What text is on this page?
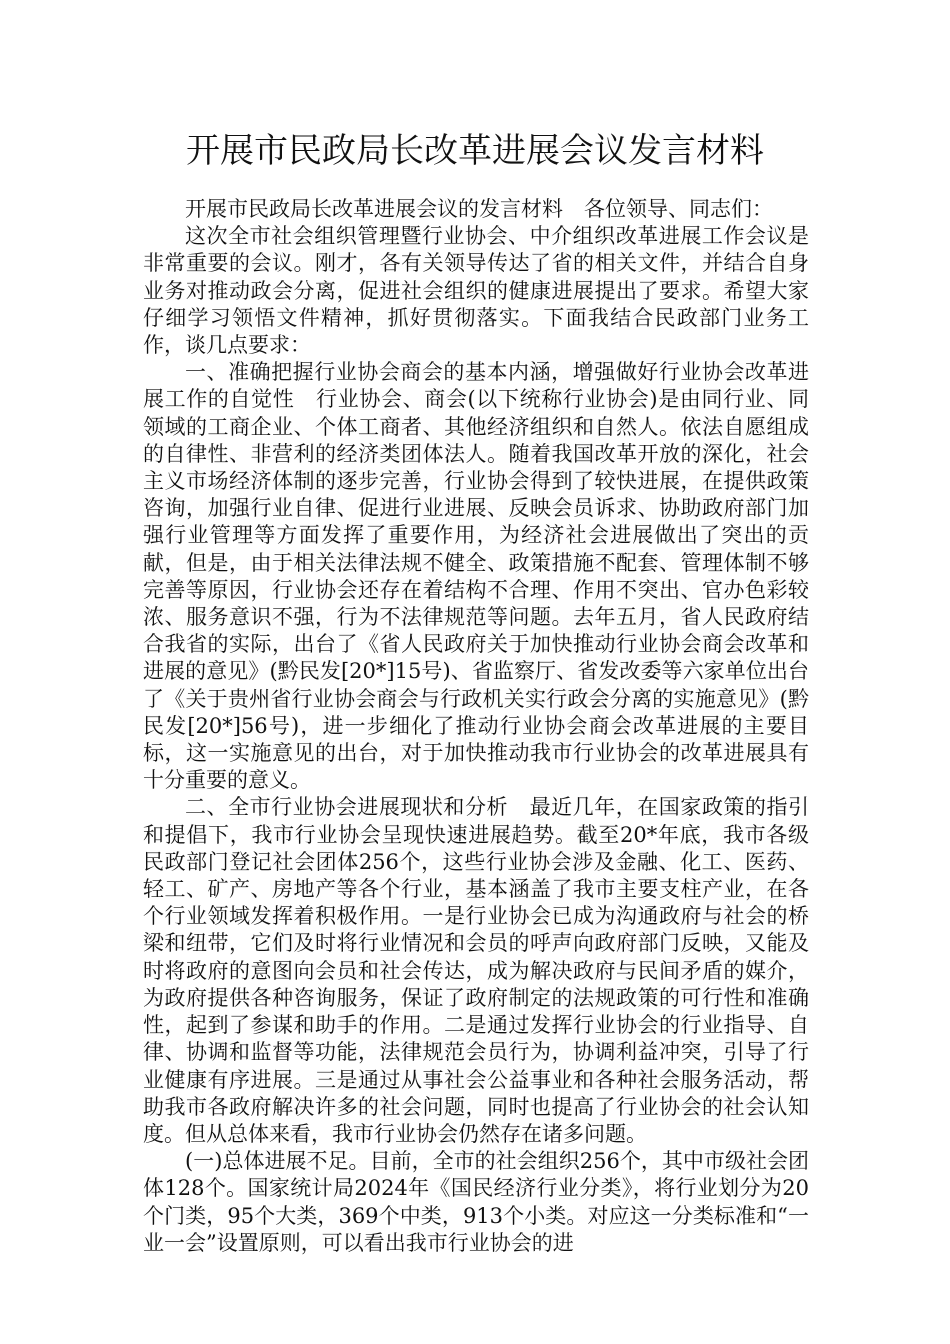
开展市民政局长改革进展会议发言材料

开展市民政局长改革进展会议的发言材料　各位领导、同志们：

这次全市社会组织管理暨行业协会、中介组织改革进展工作会议是非常重要的会议。刚才，各有关领导传达了省的相关文件，并结合自身业务对推动政会分离，促进社会组织的健康进展提出了要求。希望大家仔细学习领悟文件精神，抓好贯彻落实。下面我结合民政部门业务工作，谈几点要求：

一、准确把握行业协会商会的基本内涵，增强做好行业协会改革进展工作的自觉性　行业协会、商会(以下统称行业协会)是由同行业、同领域的工商企业、个体工商者、其他经济组织和自然人。依法自愿组成的自律性、非营利的经济类团体法人。随着我国改革开放的深化，社会主义市场经济体制的逐步完善，行业协会得到了较快进展，在提供政策咨询，加强行业自律、促进行业进展、反映会员诉求、协助政府部门加强行业管理等方面发挥了重要作用，为经济社会进展做出了突出的贡献，但是，由于相关法律法规不健全、政策措施不配套、管理体制不够完善等原因，行业协会还存在着结构不合理、作用不突出、官办色彩较浓、服务意识不强，行为不法律规范等问题。去年五月，省人民政府结合我省的实际，出台了《省人民政府关于加快推动行业协会商会改革和进展的意见》(黔民发[20*]15号)、省监察厅、省发改委等六家单位出台了《关于贵州省行业协会商会与行政机关实行政会分离的实施意见》(黔民发[20*]56号)，进一步细化了推动行业协会商会改革进展的主要目标，这一实施意见的出台，对于加快推动我市行业协会的改革进展具有十分重要的意义。

二、全市行业协会进展现状和分析　最近几年，在国家政策的指引和提倡下，我市行业协会呈现快速进展趋势。截至20*年底，我市各级民政部门登记社会团体256个，这些行业协会涉及金融、化工、医药、轻工、矿产、房地产等各个行业，基本涵盖了我市主要支柱产业，在各个行业领域发挥着积极作用。一是行业协会已成为沟通政府与社会的桥梁和纽带，它们及时将行业情况和会员的呼声向政府部门反映，又能及时将政府的意图向会员和社会传达，成为解决政府与民间矛盾的媒介，为政府提供各种咨询服务，保证了政府制定的法规政策的可行性和准确性，起到了参谋和助手的作用。二是通过发挥行业协会的行业指导、自律、协调和监督等功能，法律规范会员行为，协调利益冲突，引导了行业健康有序进展。三是通过从事社会公益事业和各种社会服务活动，帮助我市各政府解决许多的社会问题，同时也提高了行业协会的社会认知度。但从总体来看，我市行业协会仍然存在诸多问题。

(一)总体进展不足。目前，全市的社会组织256个，其中市级社会团体128个。国家统计局2024年《国民经济行业分类》，将行业划分为20个门类，95个大类，369个中类，913个小类。对应这一分类标准和“一业一会”设置原则，可以看出我市行业协会的进
